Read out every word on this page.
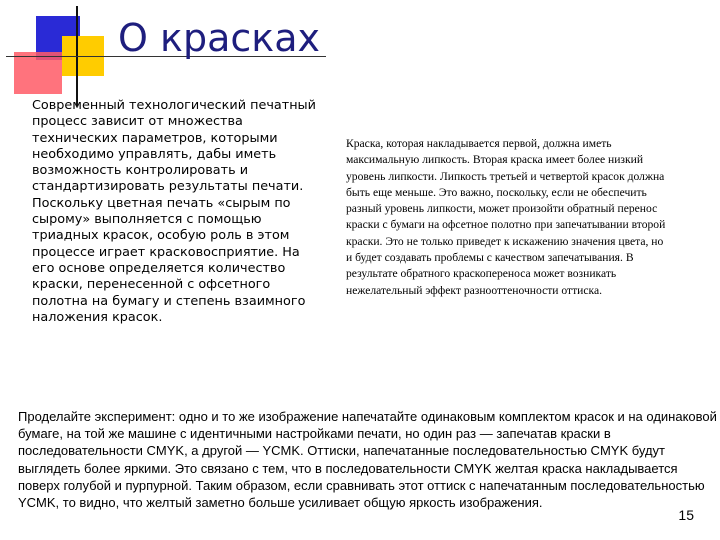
О красках
Современный технологический печатный процесс зависит от множества технических параметров, которыми необходимо управлять, дабы иметь возможность контролировать и стандартизировать результаты печати. Поскольку цветная печать «сырым по сырому» выполняется с помощью триадных красок, особую роль в этом процессе играет красковосприятие. На его основе определяется количество краски, перенесенной с офсетного полотна на бумагу и степень взаимного наложения красок.
Краска, которая накладывается первой, должна иметь максимальную липкость. Вторая краска имеет более низкий уровень липкости. Липкость третьей и четвертой красок должна быть еще меньше. Это важно, поскольку, если не обеспечить разный уровень липкости, может произойти обратный перенос краски с бумаги на офсетное полотно при запечатывании второй краски. Это не только приведет к искажению значения цвета, но и будет создавать проблемы с качеством запечатывания. В результате обратного краскопереноса может возникать нежелательный эффект разнооттеночности оттиска.
Проделайте эксперимент: одно и то же изображение напечатайте одинаковым комплектом красок и на одинаковой бумаге, на той же машине с идентичными настройками печати, но один раз — запечатав краски в последовательности CMYK, а другой — YCMK. Оттиски, напечатанные последовательностью CMYK будут выглядеть более яркими. Это связано с тем, что в последовательности CMYK желтая краска накладывается поверх голубой и пурпурной. Таким образом, если сравнивать этот оттиск с напечатанным последовательностью YCMK, то видно, что желтый заметно больше усиливает общую яркость изображения.
15
